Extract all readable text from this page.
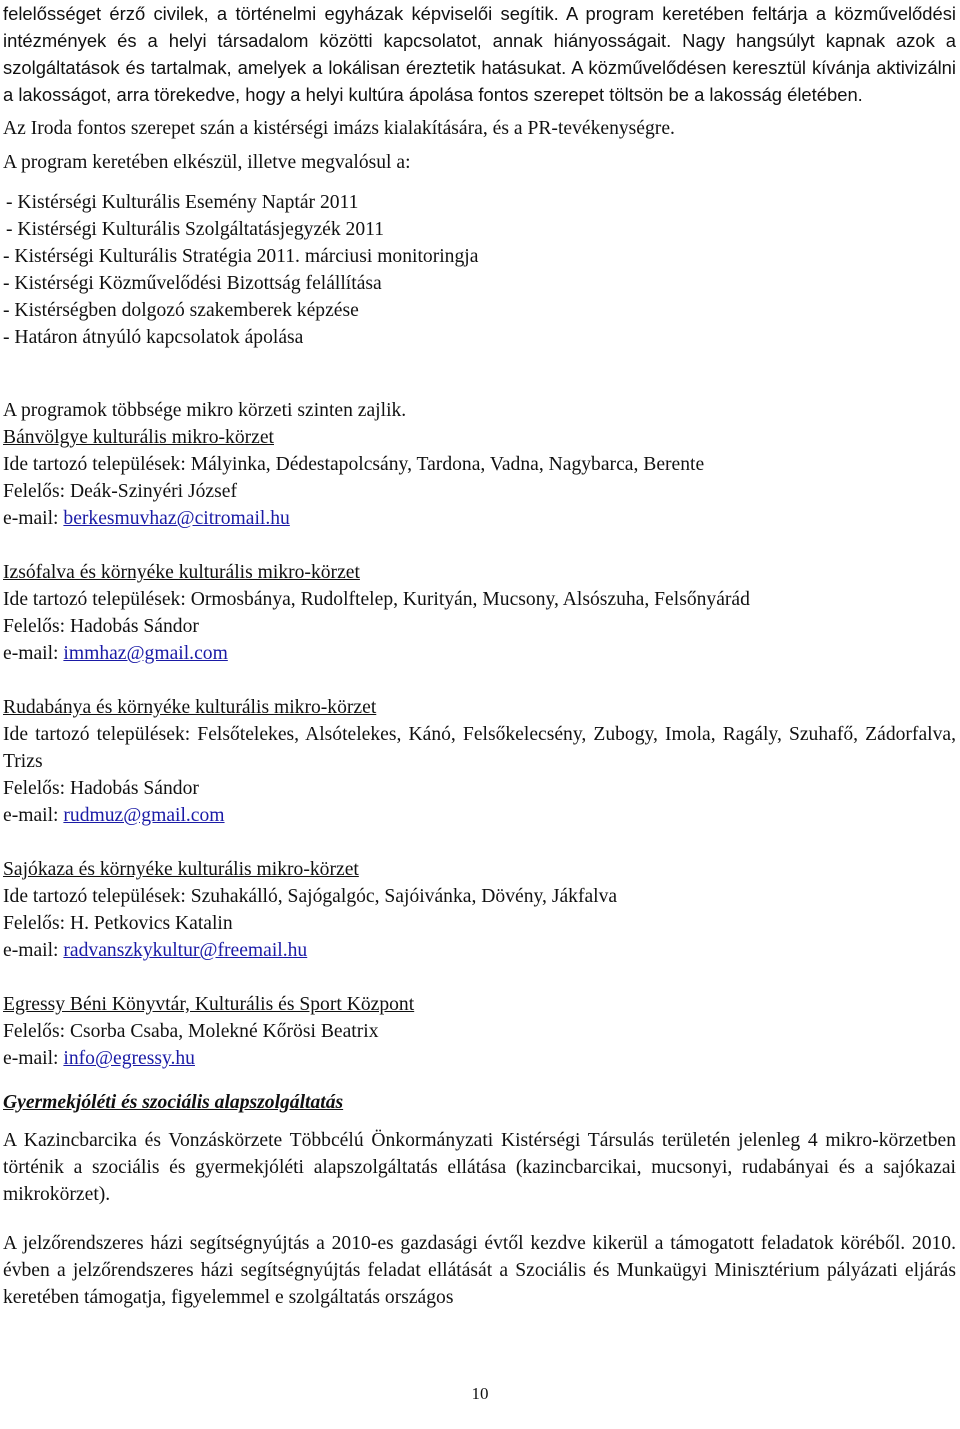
felelősséget érző civilek, a történelmi egyházak képviselői segítik. A program keretében feltárja a közművelődési intézmények és a helyi társadalom közötti kapcsolatot, annak hiányosságait. Nagy hangsúlyt kapnak azok a szolgáltatások és tartalmak, amelyek a lokálisan éreztetik hatásukat. A közművelődésen keresztül kívánja aktivizálni a lakosságot, arra törekedve, hogy a helyi kultúra ápolása fontos szerepet töltsön be a lakosság életében.

Az Iroda fontos szerepet szán a kistérségi imázs kialakítására, és a PR-tevékenységre.

A program keretében elkészül, illetve megvalósul a:

- Kistérségi Kulturális Esemény Naptár 2011
- Kistérségi Kulturális Szolgáltatásjegyzék 2011
- Kistérségi Kulturális Stratégia 2011. márciusi monitoringja
- Kistérségi Közművelődési Bizottság felállítása
- Kistérségben dolgozó szakemberek képzése
- Határon átnyúló kapcsolatok ápolása

A programok többsége mikro körzeti szinten zajlik.

Bánvölgye kulturális mikro-körzet
Ide tartozó települések: Mályinka, Dédestapolcsány, Tardona, Vadna, Nagybarca, Berente
Felelős: Deák-Szinyéri József
e-mail: berkesmuvhaz@citromail.hu
Izsófalva és környéke kulturális mikro-körzet
Ide tartozó települések: Ormosbánya, Rudolftelep, Kurityán, Mucsony, Alsószuha, Felsőnyárád
Felelős: Hadobás Sándor
e-mail: immhaz@gmail.com
Rudabánya és környéke kulturális mikro-körzet
Ide tartozó települések: Felsőtelekes, Alsótelekes, Kánó, Felsőkelecsény, Zubogy, Imola, Ragály, Szuhafő, Zádorfalva, Trizs
Felelős: Hadobás Sándor
e-mail: rudmuz@gmail.com
Sajókaza és környéke kulturális mikro-körzet
Ide tartozó települések: Szuhakálló, Sajógalgóc, Sajóivánka, Dövény, Jákfalva
Felelős: H. Petkovics Katalin
e-mail: radvanszkykultur@freemail.hu
Egressy Béni Könyvtár, Kulturális és Sport Központ
Felelős: Csorba Csaba, Molekné Kőrösi Beatrix
e-mail: info@egressy.hu
Gyermekjóléti és szociális alapszolgáltatás

A Kazincbarcika és Vonzáskörzete Többcélú Önkormányzati Kistérségi Társulás területén jelenleg 4 mikro-körzetben történik a szociális és gyermekjóléti alapszolgáltatás ellátása (kazincbarcikai, mucsonyi, rudabányai és a sajókazai mikrokörzet).

A jelzőrendszeres házi segítségnyújtás a 2010-es gazdasági évtől kezdve kikerül a támogatott feladatok köréből. 2010. évben a jelzőrendszeres házi segítségnyújtás feladat ellátását a Szociális és Munkaügyi Minisztérium pályázati eljárás keretében támogatja, figyelemmel e szolgáltatás országos

10
